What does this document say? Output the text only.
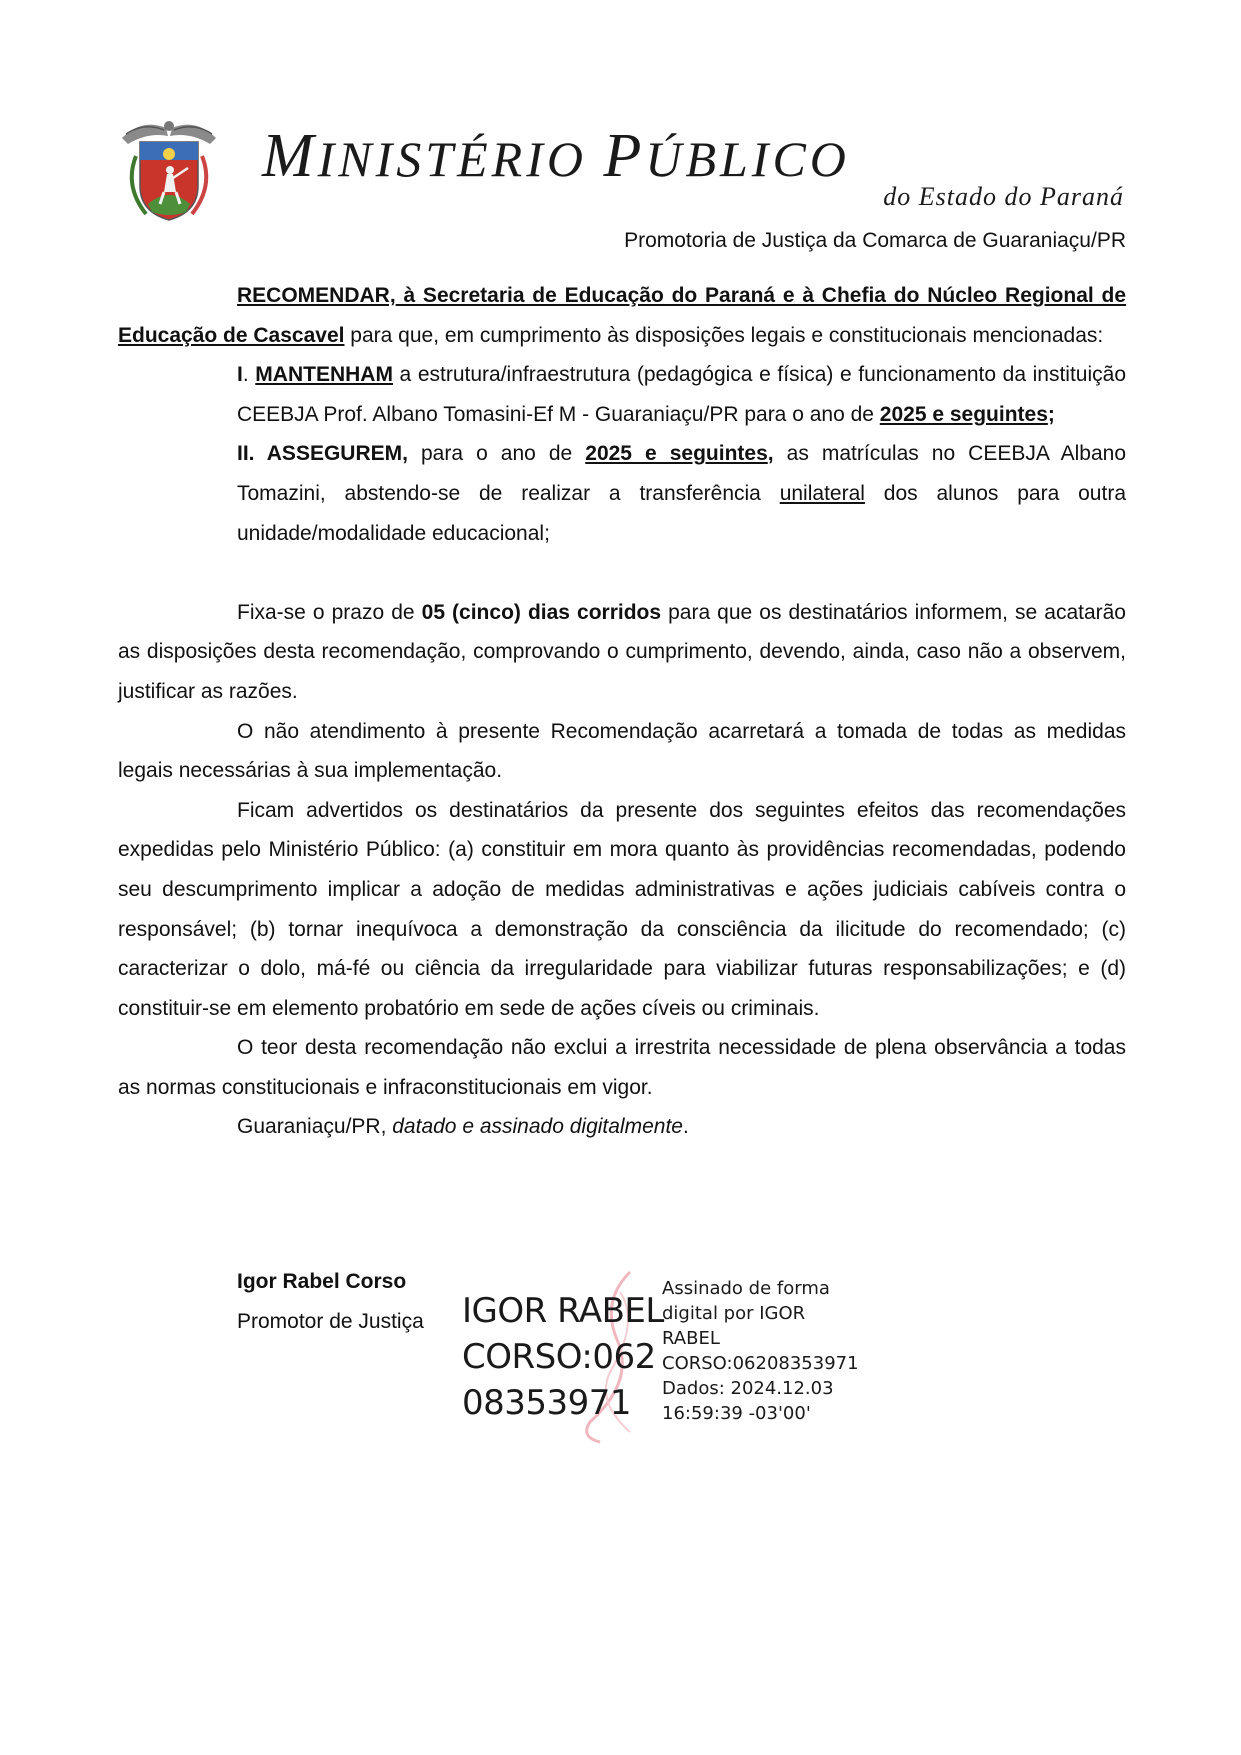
MINISTÉRIO PÚBLICO
do Estado do Paraná
Promotoria de Justiça da Comarca de Guaraniaçu/PR

RECOMENDAR, à Secretaria de Educação do Paraná e à Chefia do Núcleo Regional de Educação de Cascavel para que, em cumprimento às disposições legais e constitucionais mencionadas:

I. MANTENHAM a estrutura/infraestrutura (pedagógica e física) e funcionamento da instituição CEEBJA Prof. Albano Tomasini-Ef M - Guaraniaçu/PR para o ano de 2025 e seguintes;

II. ASSEGUREM, para o ano de 2025 e seguintes, as matrículas no CEEBJA Albano Tomazini, abstendo-se de realizar a transferência unilateral dos alunos para outra unidade/modalidade educacional;

Fixa-se o prazo de 05 (cinco) dias corridos para que os destinatários informem, se acatarão as disposições desta recomendação, comprovando o cumprimento, devendo, ainda, caso não a observem, justificar as razões.

O não atendimento à presente Recomendação acarretará a tomada de todas as medidas legais necessárias à sua implementação.

Ficam advertidos os destinatários da presente dos seguintes efeitos das recomendações expedidas pelo Ministério Público: (a) constituir em mora quanto às providências recomendadas, podendo seu descumprimento implicar a adoção de medidas administrativas e ações judiciais cabíveis contra o responsável; (b) tornar inequívoca a demonstração da consciência da ilicitude do recomendado; (c) caracterizar o dolo, má-fé ou ciência da irregularidade para viabilizar futuras responsabilizações; e (d) constituir-se em elemento probatório em sede de ações cíveis ou criminais.

O teor desta recomendação não exclui a irrestrita necessidade de plena observância a todas as normas constitucionais e infraconstitucionais em vigor.

Guaraniaçu/PR, datado e assinado digitalmente.

Igor Rabel Corso
Promotor de Justiça IGOR RABEL
CORSO:062
08353971
Assinado de forma
digital por IGOR
RABEL
CORSO:06208353971
Dados: 2024.12.03
16:59:39 -03'00'
